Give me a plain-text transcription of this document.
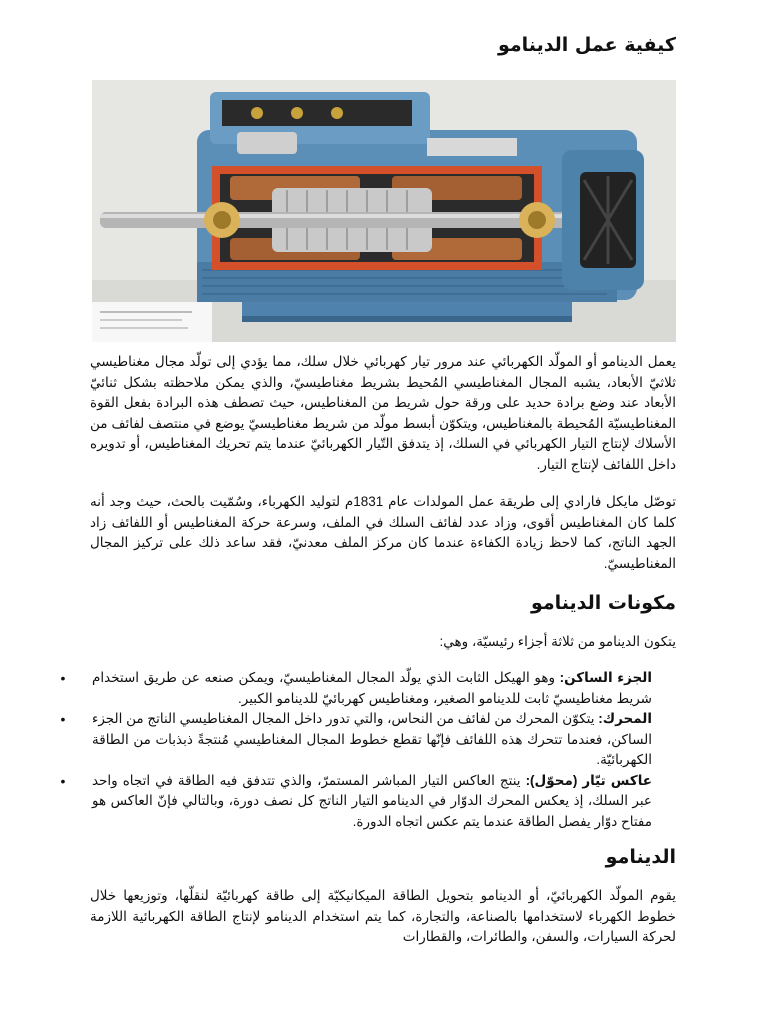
كيفية عمل الدينامو

يعمل الدينامو أو المولّد الكهربائي عند مرور تيار كهربائي خلال سلك، مما يؤدي إلى تولّد مجال مغناطيسي ثلاثيّ الأبعاد، يشبه المجال المغناطيسي المُحيط بشريط مغناطيسيّ، والذي يمكن ملاحظته بشكل ثنائيّ الأبعاد عند وضع برادة حديد على ورقة حول شريط من المغناطيس، حيث تصطف هذه البرادة بفعل القوة المغناطيسيّة المُحيطة بالمغناطيس، ويتكوّن أبسط مولّد من شريط مغناطيسيّ يوضع في منتصف لفائف من الأسلاك لإنتاج التيار الكهربائي في السلك، إذ يتدفق التّيار الكهربائيّ عندما يتم تحريك المغناطيس، أو تدويره داخل اللفائف لإنتاج التيار.

توصّل مايكل فارادي إلى طريقة عمل المولدات عام 1831م لتوليد الكهرباء، وسُمّيت بالحث، حيث وجد أنه كلما كان المغناطيس أقوى، وزاد عدد لفائف السلك في الملف، وسرعة حركة المغناطيس أو اللفائف زاد الجهد الناتج، كما لاحظ زيادة الكفاءة عندما كان مركز الملف معدنيّ، فقد ساعد ذلك على تركيز المجال المغناطيسيّ.

مكونات الدينامو

يتكون الدينامو من ثلاثة أجزاء رئيسيّة، وهي:

•	الجزء الساكن: وهو الهيكل الثابت الذي يولّد المجال المغناطيسيّ، ويمكن صنعه عن طريق استخدام شريط مغناطيسيّ ثابت للدينامو الصغير، ومغناطيس كهربائيّ للدينامو الكبير.
•	المحرك: يتكوّن المحرك من لفائف من النحاس، والتي تدور داخل المجال المغناطيسي الناتج من الجزء الساكن، فعندما تتحرك هذه اللفائف فإنّها تقطع خطوط المجال المغناطيسي مُنتجةً ذبذبات من الطاقة الكهربائيّة.
•	عاكس تيّار (محوّل): ينتج العاكس التيار المباشر المستمرّ، والذي تتدفق فيه الطاقة في اتجاه واحد عبر السلك، إذ يعكس المحرك الدوّار في الدينامو التيار الناتج كل نصف دورة، وبالتالي فإنّ العاكس هو مفتاح دوّار يفصل الطاقة عندما يتم عكس اتجاه الدورة.
الدينامو

يقوم المولّد الكهربائيّ، أو الدينامو بتحويل الطاقة الميكانيكيّة إلى طاقة كهربائيّة لنقلّها، وتوزيعها خلال خطوط الكهرباء لاستخدامها بالصناعة، والتجارة، كما يتم استخدام الدينامو لإنتاج الطاقة الكهربائية اللازمة لحركة السيارات، والسفن، والطائرات، والقطارات
